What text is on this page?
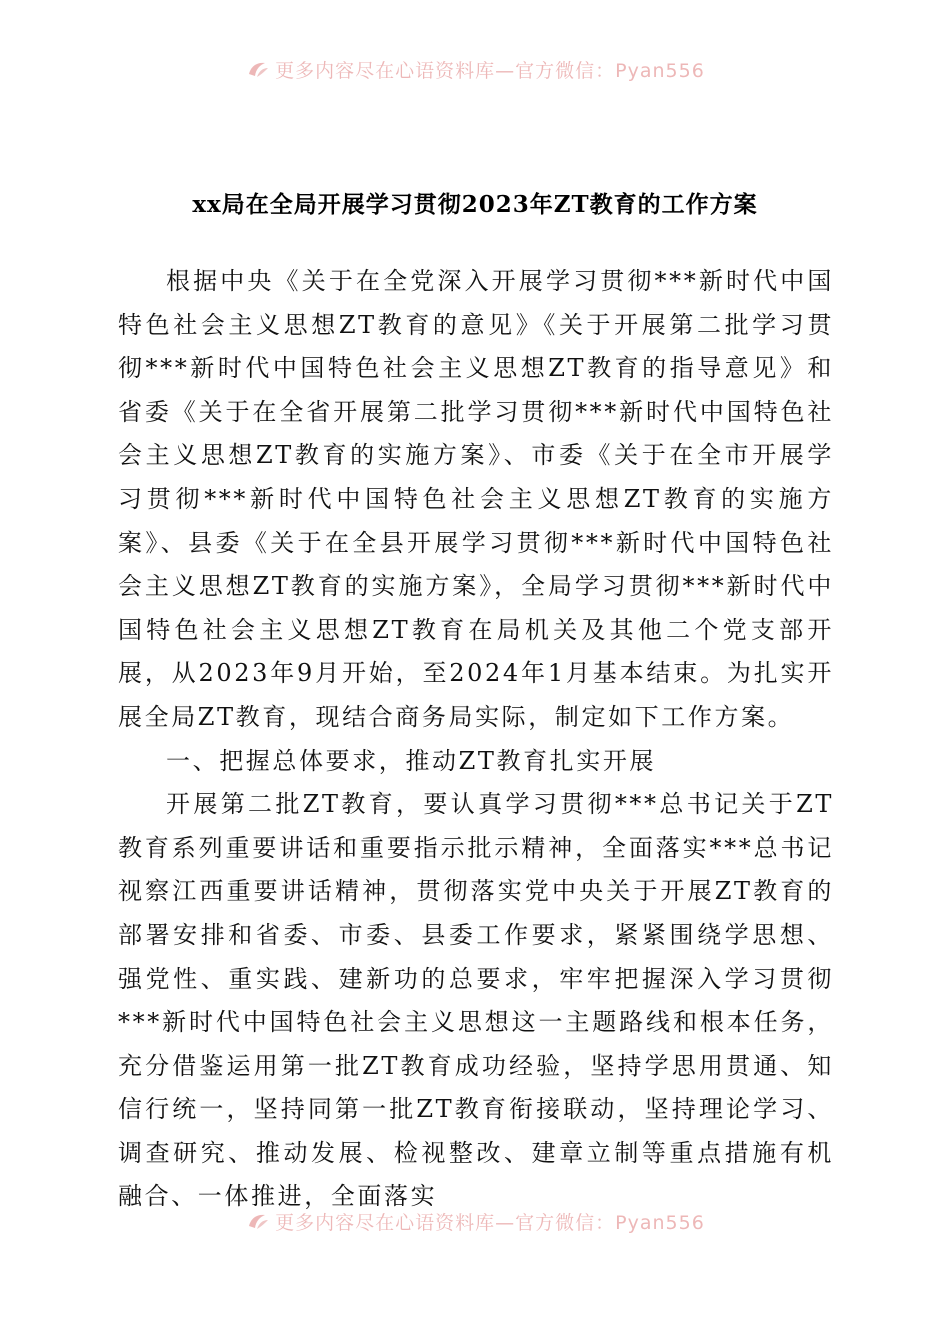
更多内容尽在心语资料库—官方微信：Pyan556
xx局在全局开展学习贯彻2023年ZT教育的工作方案

根据中央《关于在全党深入开展学习贯彻***新时代中国特色社会主义思想ZT教育的意见》《关于开展第二批学习贯彻***新时代中国特色社会主义思想ZT教育的指导意见》和省委《关于在全省开展第二批学习贯彻***新时代中国特色社会主义思想ZT教育的实施方案》、市委《关于在全市开展学习贯彻***新时代中国特色社会主义思想ZT教育的实施方案》、县委《关于在全县开展学习贯彻***新时代中国特色社会主义思想ZT教育的实施方案》，全局学习贯彻***新时代中国特色社会主义思想ZT教育在局机关及其他二个党支部开展，从2023年9月开始，至2024年1月基本结束。为扎实开展全局ZT教育，现结合商务局实际，制定如下工作方案。

一、把握总体要求，推动ZT教育扎实开展

开展第二批ZT教育，要认真学习贯彻***总书记关于ZT教育系列重要讲话和重要指示批示精神，全面落实***总书记视察江西重要讲话精神，贯彻落实党中央关于开展ZT教育的部署安排和省委、市委、县委工作要求，紧紧围绕学思想、强党性、重实践、建新功的总要求，牢牢把握深入学习贯彻***新时代中国特色社会主义思想这一主题路线和根本任务，充分借鉴运用第一批ZT教育成功经验，坚持学思用贯通、知信行统一，坚持同第一批ZT教育衔接联动，坚持理论学习、调查研究、推动发展、检视整改、建章立制等重点措施有机融合、一体推进，全面落实

更多内容尽在心语资料库—官方微信：Pyan556
